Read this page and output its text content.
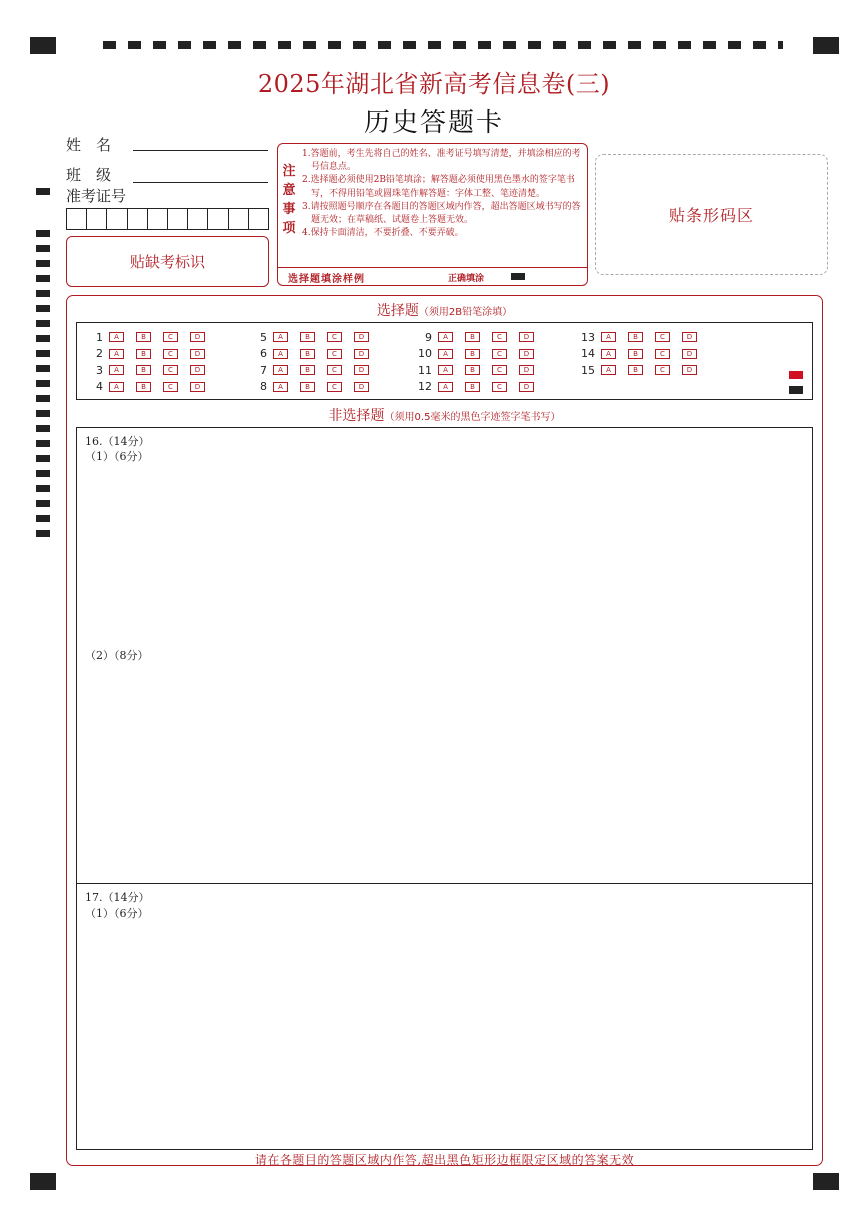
2025年湖北省新高考信息卷(三)
历史答题卡
姓　名
班　级
准考证号
贴缺考标识
注
意
事
项

1.答题前，考生先将自己的姓名、准考证号填写清楚，并填涂相应的考号信息点。

2.选择题必须使用2B铅笔填涂；解答题必须使用黑色墨水的签字笔书写，不得用铅笔或圆珠笔作解答题：字体工整、笔迹清楚。

3.请按照题号顺序在各题目的答题区域内作答，超出答题区域书写的答题无效；在草稿纸、试题卷上答题无效。

4.保持卡面清洁，不要折叠、不要弄破。

选择题填涂样例	正确填涂
贴条形码区
选择题（须用2B铅笔涂填）
1	A	B	C	D
2	A	B	C	D
3	A	B	C	D
4	A	B	C	D
5	A	B	C	D
6	A	B	C	D
7	A	B	C	D
8	A	B	C	D
9	A	B	C	D
10	A	B	C	D
11	A	B	C	D
12	A	B	C	D
13	A	B	C	D
14	A	B	C	D
15	A	B	C	D
非选择题（须用0.5毫米的黑色字迹签字笔书写）
16.（14分）
（1）（6分）
（2）（8分）
17.（14分）
（1）（6分）
请在各题目的答题区域内作答,超出黑色矩形边框限定区域的答案无效
